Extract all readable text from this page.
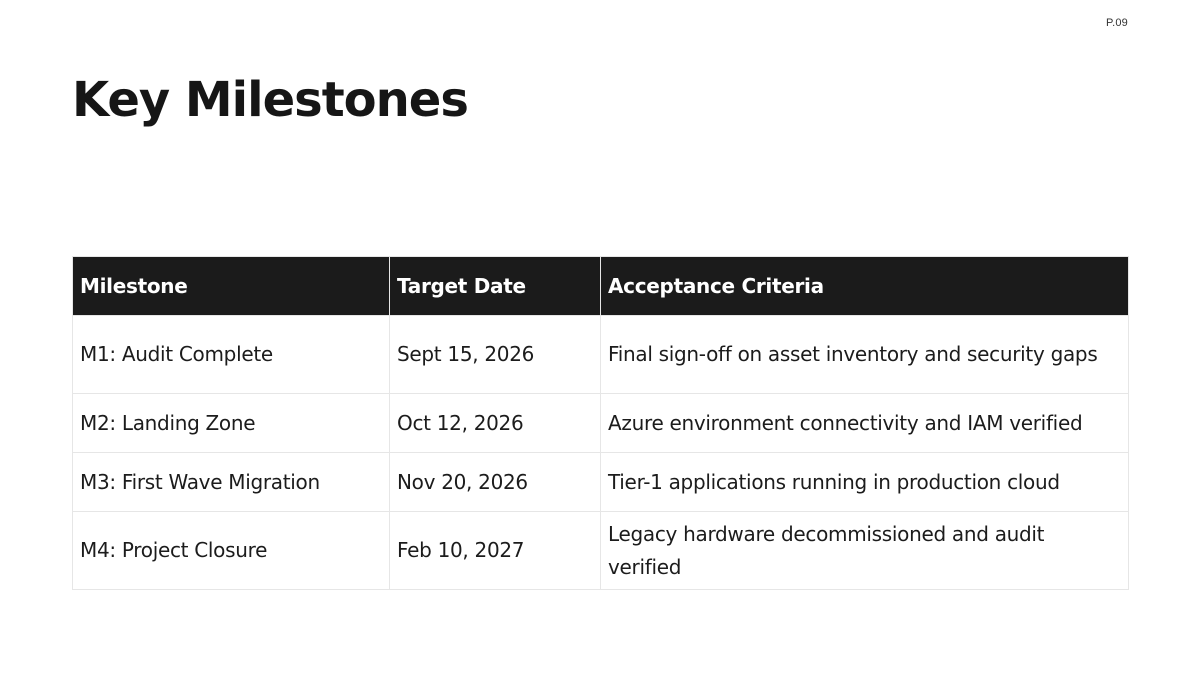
P.09
Key Milestones
Milestone	Target Date	Acceptance Criteria
M1: Audit Complete	Sept 15, 2026	Final sign-off on asset inventory and security gaps
M2: Landing Zone	Oct 12, 2026	Azure environment connectivity and IAM verified
M3: First Wave Migration	Nov 20, 2026	Tier-1 applications running in production cloud
M4: Project Closure	Feb 10, 2027	Legacy hardware decommissioned and audit verified
